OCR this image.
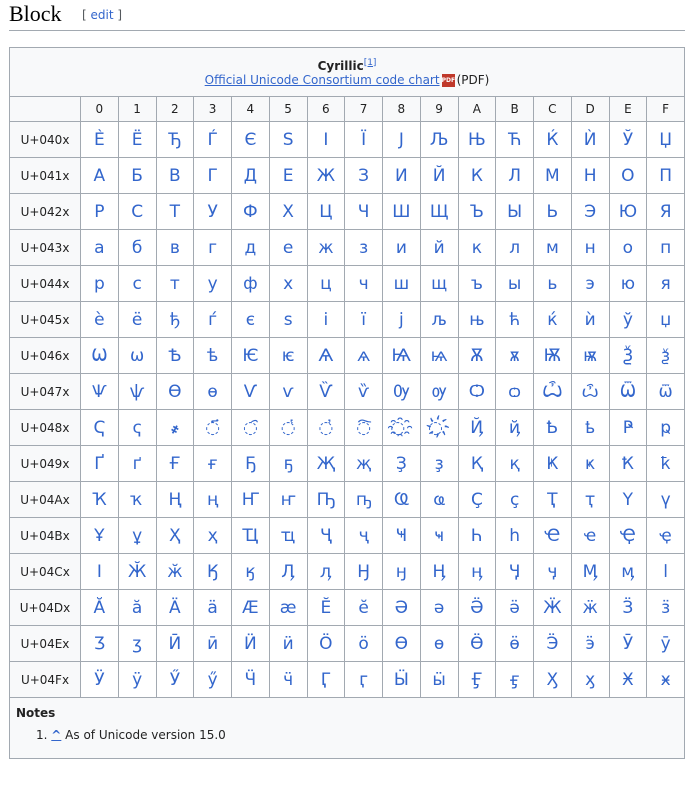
Block [ edit ]
Cyrillic[1]
Official Unicode Consortium code chart PDF (PDF)																
	0	1	2	3	4	5	6	7	8	9	A	B	C	D	E	F
U+040x	Ѐ	Ё	Ђ	Ѓ	Є	Ѕ	І	Ї	Ј	Љ	Њ	Ћ	Ќ	Ѝ	Ў	Џ
U+041x	А	Б	В	Г	Д	Е	Ж	З	И	Й	К	Л	М	Н	О	П
U+042x	Р	С	Т	У	Ф	Х	Ц	Ч	Ш	Щ	Ъ	Ы	Ь	Э	Ю	Я
U+043x	а	б	в	г	д	е	ж	з	и	й	к	л	м	н	о	п
U+044x	р	с	т	у	ф	х	ц	ч	ш	щ	ъ	ы	ь	э	ю	я
U+045x	ѐ	ё	ђ	ѓ	є	ѕ	і	ї	ј	љ	њ	ћ	ќ	ѝ	ў	џ
U+046x	Ѡ	ѡ	Ѣ	ѣ	Ѥ	ѥ	Ѧ	ѧ	Ѩ	ѩ	Ѫ	ѫ	Ѭ	ѭ	Ѯ	ѯ
U+047x	Ѱ	ѱ	Ѳ	ѳ	Ѵ	ѵ	Ѷ	ѷ	Ѹ	ѹ	Ѻ	ѻ	Ѽ	ѽ	Ѿ	ѿ
U+048x	Ҁ	ҁ	҂	◌҃	◌҄	◌҅	◌҆	◌҇	◌҈	◌҉	Ҋ	ҋ	Ҍ	ҍ	Ҏ	ҏ
U+049x	Ґ	ґ	Ғ	ғ	Ҕ	ҕ	Җ	җ	Ҙ	ҙ	Қ	қ	Ҝ	ҝ	Ҟ	ҟ
U+04Ax	Ҡ	ҡ	Ң	ң	Ҥ	ҥ	Ҧ	ҧ	Ҩ	ҩ	Ҫ	ҫ	Ҭ	ҭ	Ү	ү
U+04Bx	Ұ	ұ	Ҳ	ҳ	Ҵ	ҵ	Ҷ	ҷ	Ҹ	ҹ	Һ	һ	Ҽ	ҽ	Ҿ	ҿ
U+04Cx	Ӏ	Ӂ	ӂ	Ӄ	ӄ	Ӆ	ӆ	Ӈ	ӈ	Ӊ	ӊ	Ӌ	ӌ	Ӎ	ӎ	ӏ
U+04Dx	Ӑ	ӑ	Ӓ	ӓ	Ӕ	ӕ	Ӗ	ӗ	Ә	ә	Ӛ	ӛ	Ӝ	ӝ	Ӟ	ӟ
U+04Ex	Ӡ	ӡ	Ӣ	ӣ	Ӥ	ӥ	Ӧ	ӧ	Ө	ө	Ӫ	ӫ	Ӭ	ӭ	Ӯ	ӯ
U+04Fx	Ӱ	ӱ	Ӳ	ӳ	Ӵ	ӵ	Ӷ	ӷ	Ӹ	ӹ	Ӻ	ӻ	Ӽ	ӽ	Ӿ	ӿ
Notes
1. ^ As of Unicode version 15.0
